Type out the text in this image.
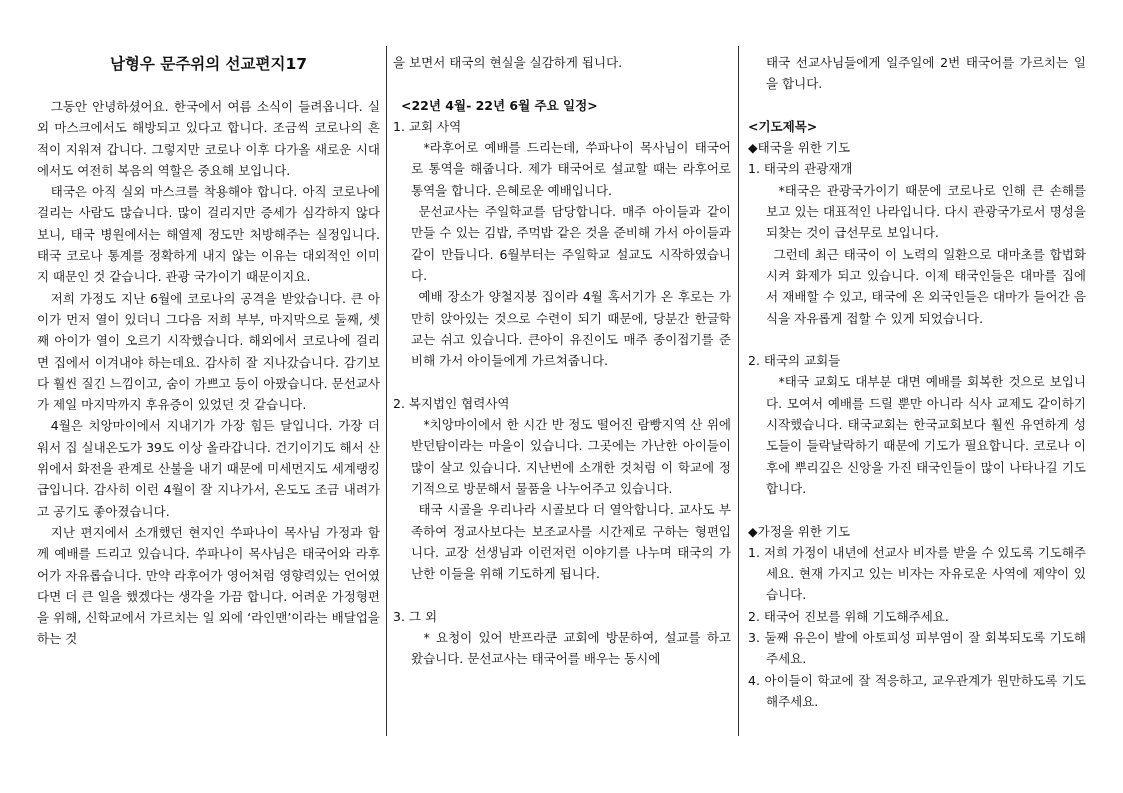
남형우 문주위의 선교편지17

그동안 안녕하셨어요. 한국에서 여름 소식이 들려옵니다. 실외 마스크에서도 해방되고 있다고 합니다. 조금씩 코로나의 흔적이 지워져 갑니다. 그렇지만 코로나 이후 다가올 새로운 시대에서도 여전히 복음의 역할은 중요해 보입니다.

태국은 아직 실외 마스크를 착용해야 합니다. 아직 코로나에 걸리는 사람도 많습니다. 많이 걸리지만 증세가 심각하지 않다보니, 태국 병원에서는 해열제 정도만 처방해주는 실정입니다. 태국 코로나 통계를 정확하게 내지 않는 이유는 대외적인 이미지 때문인 것 같습니다. 관광 국가이기 때문이지요.

저희 가정도 지난 6월에 코로나의 공격을 받았습니다. 큰 아이가 먼저 열이 있더니 그다음 저희 부부, 마지막으로 둘째, 셋째 아이가 열이 오르기 시작했습니다. 해외에서 코로나에 걸리면 집에서 이겨내야 하는데요. 감사히 잘 지나갔습니다. 감기보다 훨씬 질긴 느낌이고, 숨이 가쁘고 등이 아팠습니다. 문선교사가 제일 마지막까지 후유증이 있었던 것 같습니다.

4월은 치앙마이에서 지내기가 가장 힘든 달입니다. 가장 더워서 집 실내온도가 39도 이상 올라갑니다. 건기이기도 해서 산 위에서 화전을 관계로 산불을 내기 때문에 미세먼지도 세계랭킹 급입니다. 감사히 이런 4월이 잘 지나가서, 온도도 조금 내려가고 공기도 좋아졌습니다.

지난 편지에서 소개했던 현지인 쑤파나이 목사님 가정과 함께 예배를 드리고 있습니다. 쑤파나이 목사님은 태국어와 라후어가 자유롭습니다. 만약 라후어가 영어처럼 영향력있는 언어였다면 더 큰 일을 했겠다는 생각을 가끔 합니다. 어려운 가정형편을 위해, 신학교에서 가르치는 일 외에 ‘라인맨’이라는 배달업을 하는 것

을 보면서 태국의 현실을 실감하게 됩니다.

<22년 4월- 22년 6월 주요 일정>

1. 교회 사역

*라후어로 예배를 드리는데, 쑤파나이 목사님이 태국어로 통역을 해줍니다. 제가 태국어로 설교할 때는 라후어로 통역을 합니다. 은혜로운 예배입니다.

문선교사는 주일학교를 담당합니다. 매주 아이들과 같이 만들 수 있는 김밥, 주먹밥 같은 것을 준비해 가서 아이들과 같이 만듭니다. 6월부터는 주일학교 설교도 시작하였습니다.

예배 장소가 양철지붕 집이라 4월 혹서기가 온 후로는 가만히 앉아있는 것으로 수련이 되기 때문에, 당분간 한글학교는 쉬고 있습니다. 큰아이 유진이도 매주 종이접기를 준비해 가서 아이들에게 가르쳐줍니다.

2. 복지법인 협력사역

*치앙마이에서 한 시간 반 정도 떨어진 람빵지역 산 위에 반던탐이라는 마을이 있습니다. 그곳에는 가난한 아이들이 많이 살고 있습니다. 지난번에 소개한 것처럼 이 학교에 정기적으로 방문해서 물품을 나누어주고 있습니다.

태국 시골을 우리나라 시골보다 더 열악합니다. 교사도 부족하여 정교사보다는 보조교사를 시간제로 구하는 형편입니다. 교장 선생님과 이런저런 이야기를 나누며 태국의 가난한 이들을 위해 기도하게 됩니다.

3. 그 외

* 요청이 있어 반프라쿤 교회에 방문하여, 설교를 하고 왔습니다. 문선교사는 태국어를 배우는 동시에

태국 선교사님들에게 일주일에 2번 태국어를 가르치는 일을 합니다.

<기도제목>

◆태국을 위한 기도

1. 태국의 관광재개

*태국은 관광국가이기 때문에 코로나로 인해 큰 손해를 보고 있는 대표적인 나라입니다. 다시 관광국가로서 명성을 되찾는 것이 급선무로 보입니다.

그런데 최근 태국이 이 노력의 일환으로 대마초를 합법화시켜 화제가 되고 있습니다. 이제 태국인들은 대마를 집에서 재배할 수 있고, 태국에 온 외국인들은 대마가 들어간 음식을 자유롭게 접할 수 있게 되었습니다.

2. 태국의 교회들

*태국 교회도 대부분 대면 예배를 회복한 것으로 보입니다. 모여서 예배를 드릴 뿐만 아니라 식사 교제도 같이하기 시작했습니다. 태국교회는 한국교회보다 훨씬 유연하게 성도들이 들락날락하기 때문에 기도가 필요합니다. 코로나 이후에 뿌리깊은 신앙을 가진 태국인들이 많이 나타나길 기도합니다.

◆가정을 위한 기도

1. 저희 가정이 내년에 선교사 비자를 받을 수 있도록 기도해주세요. 현재 가지고 있는 비자는 자유로운 사역에 제약이 있습니다.

2. 태국어 진보를 위해 기도해주세요.

3. 둘째 유은이 발에 아토피성 피부염이 잘 회복되도록 기도해주세요.

4. 아이들이 학교에 잘 적응하고, 교우관계가 원만하도록 기도해주세요.
